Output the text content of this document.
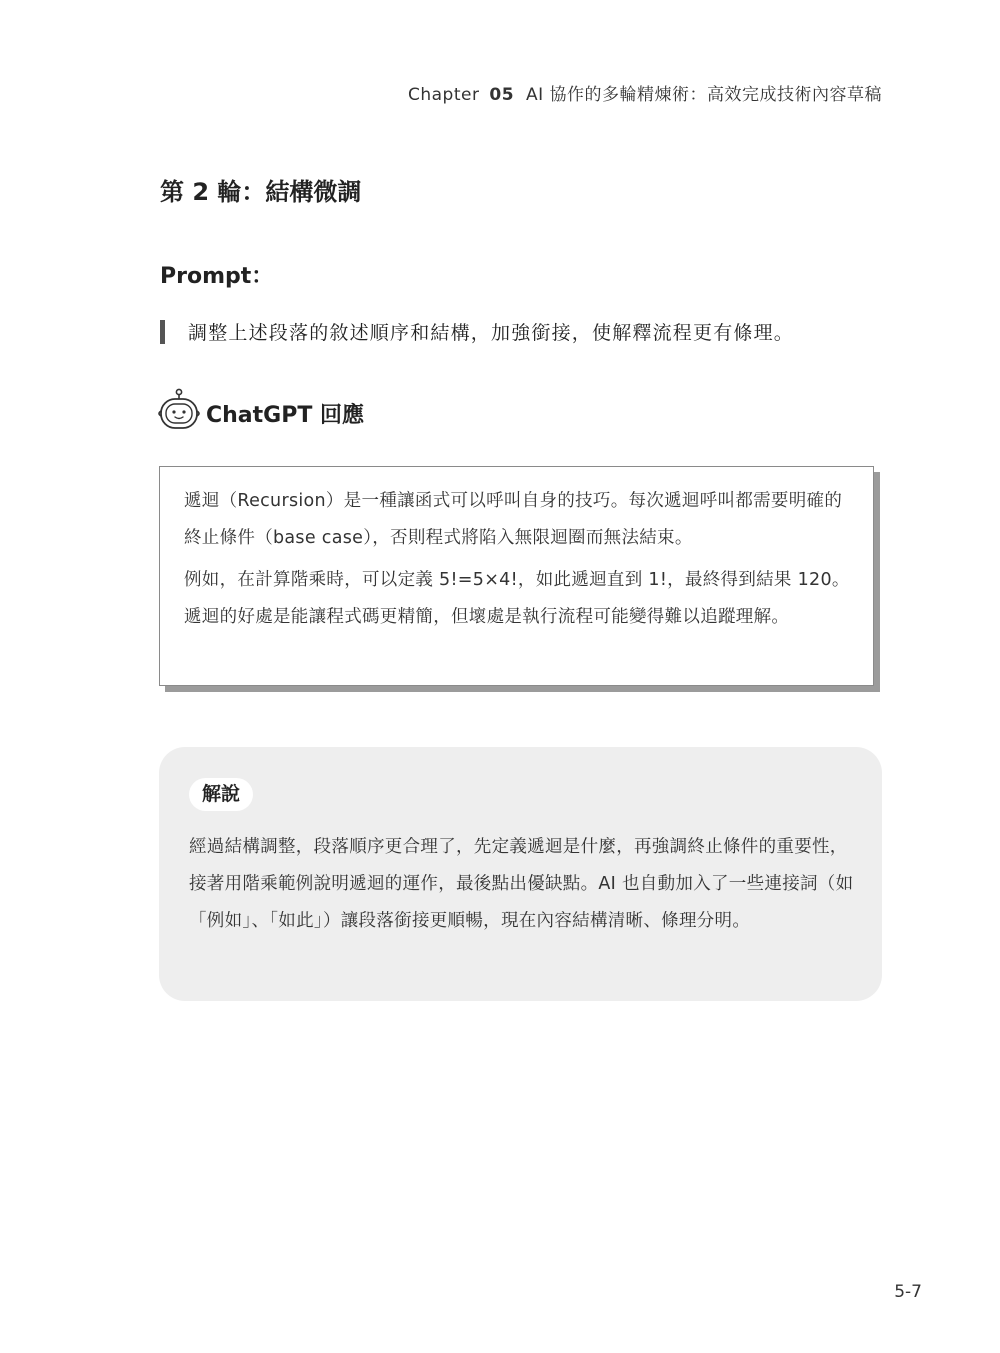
Chapter 05 AI 協作的多輪精煉術：高效完成技術內容草稿
第 2 輪：結構微調
Prompt：
調整上述段落的敘述順序和結構，加強銜接，使解釋流程更有條理。
ChatGPT 回應

遞迴（Recursion）是一種讓函式可以呼叫自身的技巧。每次遞迴呼叫都需要明確的終止條件（base case），否則程式將陷入無限迴圈而無法結束。

例如，在計算階乘時，可以定義 5!=5×4!，如此遞迴直到 1!，最終得到結果 120。遞迴的好處是能讓程式碼更精簡，但壞處是執行流程可能變得難以追蹤理解。

解說

經過結構調整，段落順序更合理了，先定義遞迴是什麼，再強調終止條件的重要性，接著用階乘範例說明遞迴的運作，最後點出優缺點。AI 也自動加入了一些連接詞（如「例如」、「如此」）讓段落銜接更順暢，現在內容結構清晰、條理分明。

5-7
